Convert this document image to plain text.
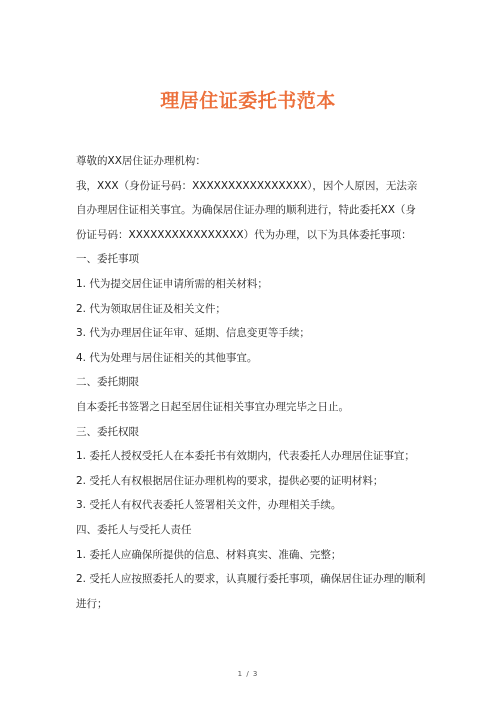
理居住证委托书范本

尊敬的XX居住证办理机构：

我，XXX（身份证号码：XXXXXXXXXXXXXXXX），因个人原因，无法亲自办理居住证相关事宜。为确保居住证办理的顺利进行，特此委托XX（身份证号码：XXXXXXXXXXXXXXXX）代为办理，以下为具体委托事项：

一、委托事项

1. 代为提交居住证申请所需的相关材料；

2. 代为领取居住证及相关文件；

3. 代为办理居住证年审、延期、信息变更等手续；

4. 代为处理与居住证相关的其他事宜。

二、委托期限

自本委托书签署之日起至居住证相关事宜办理完毕之日止。

三、委托权限

1. 委托人授权受托人在本委托书有效期内，代表委托人办理居住证事宜；

2. 受托人有权根据居住证办理机构的要求，提供必要的证明材料；

3. 受托人有权代表委托人签署相关文件，办理相关手续。

四、委托人与受托人责任

1. 委托人应确保所提供的信息、材料真实、准确、完整；

2. 受托人应按照委托人的要求，认真履行委托事项，确保居住证办理的顺利进行；

1 / 3
